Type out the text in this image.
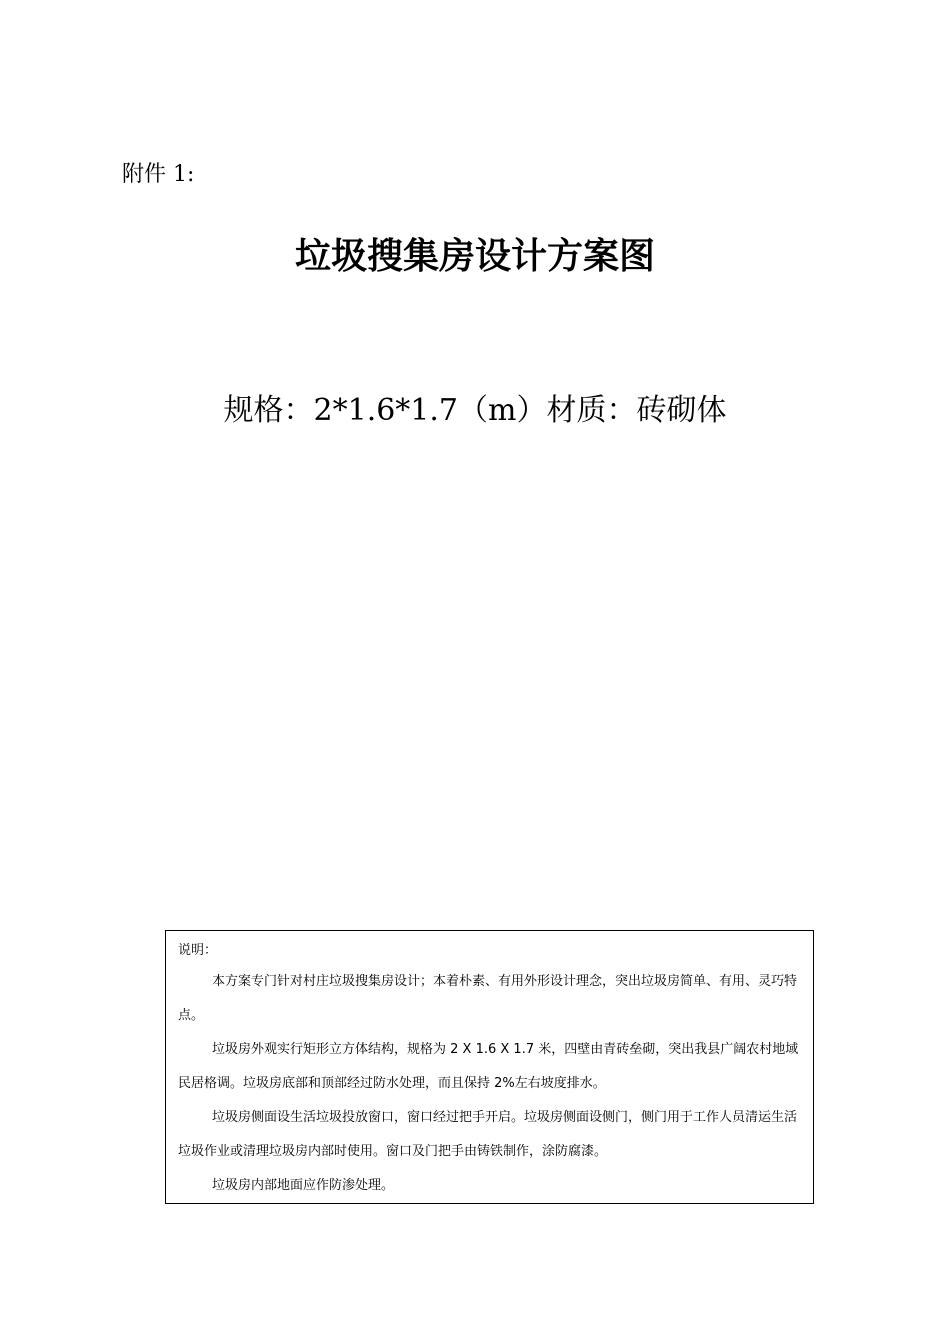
附件 1:
垃圾搜集房设计方案图
规格：2*1.6*1.7（m）材质：砖砌体
说明：

本方案专门针对村庄垃圾搜集房设计；本着朴素、有用外形设计理念，突出垃圾房简单、有用、灵巧特点。

垃圾房外观实行矩形立方体结构，规格为 2 X 1.6 X 1.7 米，四壁由青砖垒砌，突出我县广阔农村地域民居格调。垃圾房底部和顶部经过防水处理，而且保持 2%左右坡度排水。

垃圾房侧面设生活垃圾投放窗口，窗口经过把手开启。垃圾房侧面设侧门，侧门用于工作人员清运生活垃圾作业或清理垃圾房内部时使用。窗口及门把手由铸铁制作，涂防腐漆。

垃圾房内部地面应作防渗处理。
